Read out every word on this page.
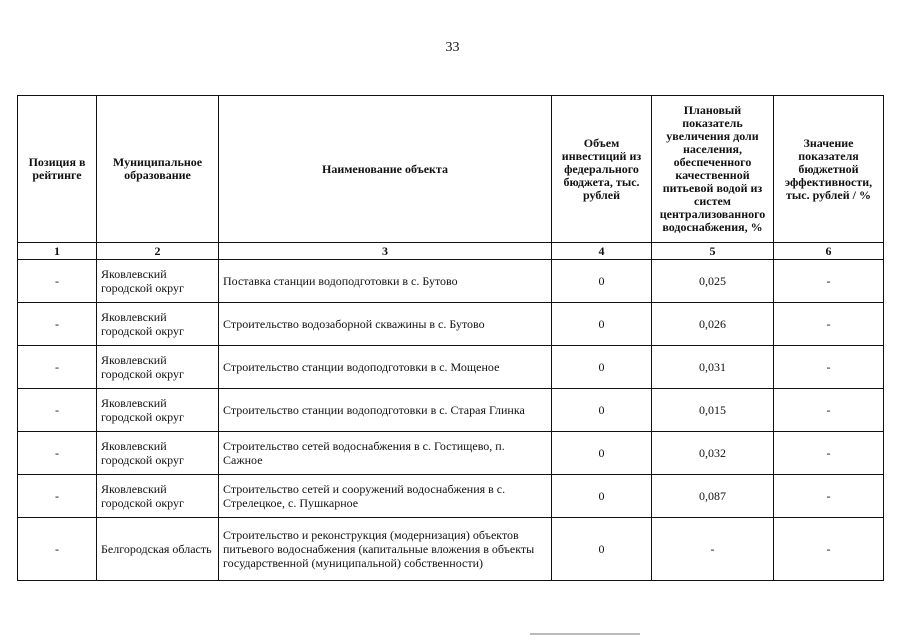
33
Позиция в рейтинге	Муниципальное образование	Наименование объекта	Объем инвестиций из федерального бюджета, тыс. рублей	Плановый показатель увеличения доли населения, обеспеченного качественной питьевой водой из систем централизованного водоснабжения, %	Значение показателя бюджетной эффективности, тыс. рублей / %
1	2	3	4	5	6
-	Яковлевский городской округ	Поставка станции водоподготовки в с. Бутово	0	0,025	-
-	Яковлевский городской округ	Строительство водозаборной скважины в с. Бутово	0	0,026	-
-	Яковлевский городской округ	Строительство станции водоподготовки в с. Мощеное	0	0,031	-
-	Яковлевский городской округ	Строительство станции водоподготовки в с. Старая Глинка	0	0,015	-
-	Яковлевский городской округ	Строительство сетей водоснабжения в с. Гостищево, п. Сажное	0	0,032	-
-	Яковлевский городской округ	Строительство сетей и сооружений водоснабжения в с. Стрелецкое, с. Пушкарное	0	0,087	-
-	Белгородская область	Строительство и реконструкция (модернизация) объектов питьевого водоснабжения (капитальные вложения в объекты государственной (муниципальной) собственности)	0	-	-
